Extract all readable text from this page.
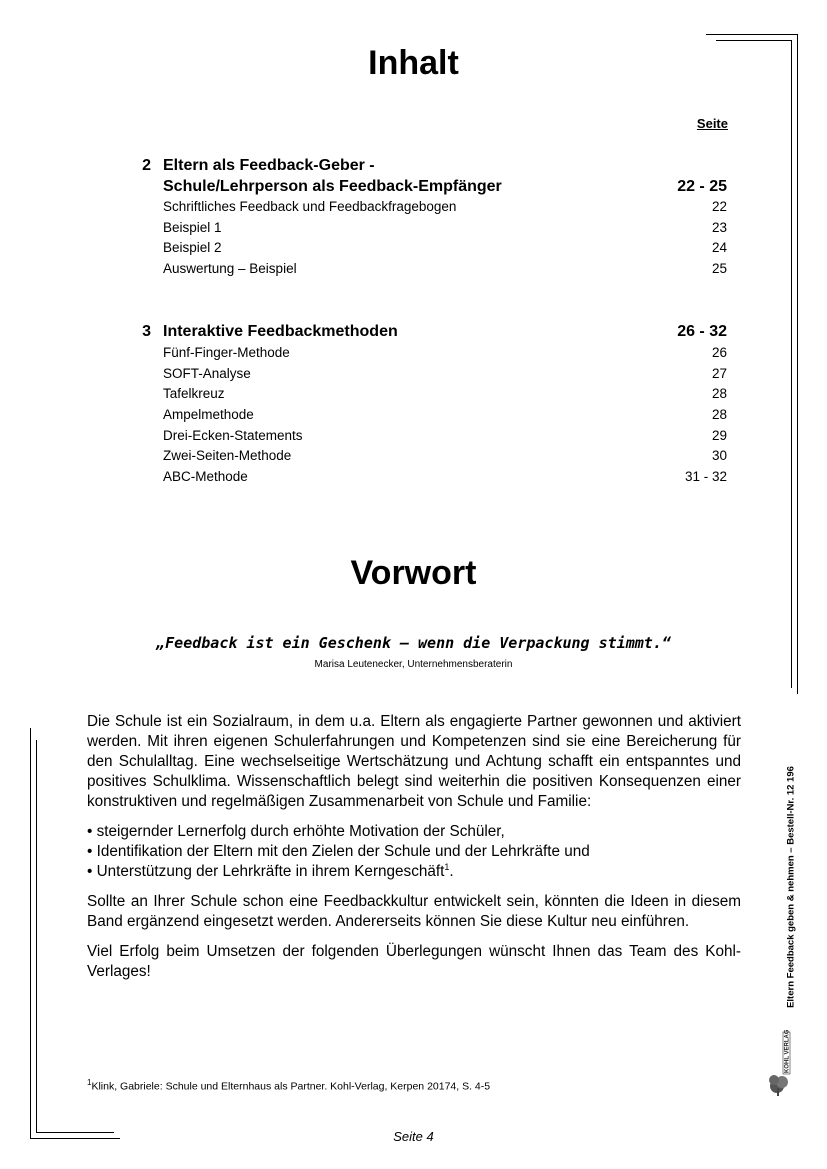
Inhalt
Seite
2 Eltern als Feedback-Geber -
Schule/Lehrperson als Feedback-Empfänger	22 - 25
Schriftliches Feedback und Feedbackfragebogen	22
Beispiel 1	23
Beispiel 2	24
Auswertung – Beispiel	25
3 Interaktive Feedbackmethoden	26 - 32
Fünf-Finger-Methode	26
SOFT-Analyse	27
Tafelkreuz	28
Ampelmethode	28
Drei-Ecken-Statements	29
Zwei-Seiten-Methode	30
ABC-Methode	31 - 32
Vorwort
„Feedback ist ein Geschenk – wenn die Verpackung stimmt.“
Marisa Leutenecker, Unternehmensberaterin

Die Schule ist ein Sozialraum, in dem u.a. Eltern als engagierte Partner gewonnen und aktiviert werden. Mit ihren eigenen Schulerfahrungen und Kompetenzen sind sie eine Bereicherung für den Schulalltag. Eine wechselseitige Wertschätzung und Achtung schafft ein entspanntes und positives Schulklima. Wissenschaftlich belegt sind weiterhin die positiven Konsequenzen einer konstruktiven und regelmäßigen Zusammenarbeit von Schule und Familie:

• steigernder Lernerfolg durch erhöhte Motivation der Schüler,
• Identifikation der Eltern mit den Zielen der Schule und der Lehrkräfte und
• Unterstützung der Lehrkräfte in ihrem Kerngeschäft$^1$.

Sollte an Ihrer Schule schon eine Feedbackkultur entwickelt sein, könnten die Ideen in diesem Band ergänzend eingesetzt werden. Andererseits können Sie diese Kultur neu einführen.

Viel Erfolg beim Umsetzen der folgenden Überlegungen wünscht Ihnen das Team des Kohl-Verlages!

$^1$Klink, Gabriele: Schule und Elternhaus als Partner. Kohl-Verlag, Kerpen 20174, S. 4-5
Seite 4
Eltern Feedback geben & nehmen – Bestell-Nr. 12 196
KOHL VERLAG
